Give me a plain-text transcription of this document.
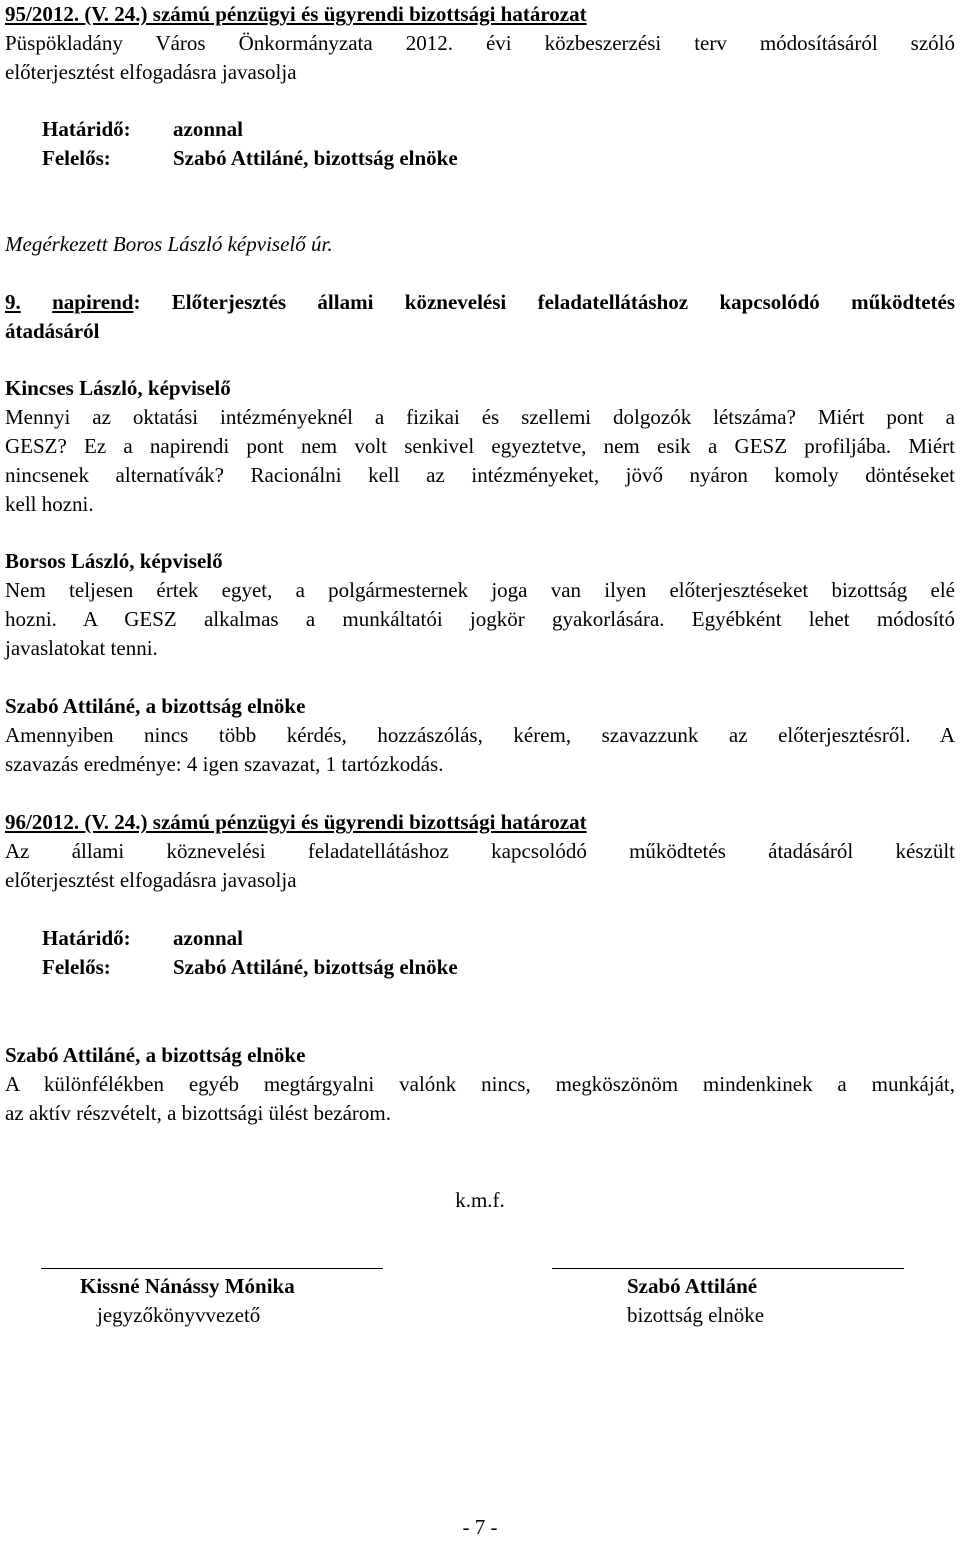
95/2012. (V. 24.) számú pénzügyi és ügyrendi bizottsági határozat
Püspökladány Város Önkormányzata 2012. évi közbeszerzési terv módosításáról szóló
előterjesztést elfogadásra javasolja
Határidő: azonnal
Felelős:	Szabó Attiláné, bizottság elnöke
Megérkezett Boros László képviselő úr.
9. napirend: Előterjesztés állami köznevelési feladatellátáshoz kapcsolódó működtetés
átadásáról
Kincses László, képviselő
Mennyi az oktatási intézményeknél a fizikai és szellemi dolgozók létszáma? Miért pont a
GESZ? Ez a napirendi pont nem volt senkivel egyeztetve, nem esik a GESZ profiljába. Miért
nincsenek alternatívák? Racionálni kell az intézményeket, jövő nyáron komoly döntéseket
kell hozni.
Borsos László, képviselő
Nem teljesen értek egyet, a polgármesternek joga van ilyen előterjesztéseket bizottság elé
hozni. A GESZ alkalmas a munkáltatói jogkör gyakorlására. Egyébként lehet módosító
javaslatokat tenni.
Szabó Attiláné, a bizottság elnöke
Amennyiben nincs több kérdés, hozzászólás, kérem, szavazzunk az előterjesztésről. A
szavazás eredménye: 4 igen szavazat, 1 tartózkodás.
96/2012. (V. 24.) számú pénzügyi és ügyrendi bizottsági határozat
Az állami köznevelési feladatellátáshoz kapcsolódó működtetés átadásáról készült
előterjesztést elfogadásra javasolja
Határidő: azonnal
Felelős:	Szabó Attiláné, bizottság elnöke
Szabó Attiláné, a bizottság elnöke
A különfélékben egyéb megtárgyalni valónk nincs, megköszönöm mindenkinek a munkáját,
az aktív részvételt, a bizottsági ülést bezárom.
k.m.f.
Kissné Nánássy Mónika
jegyzőkönyvvezető
Szabó Attiláné
bizottság elnöke
- 7 -
